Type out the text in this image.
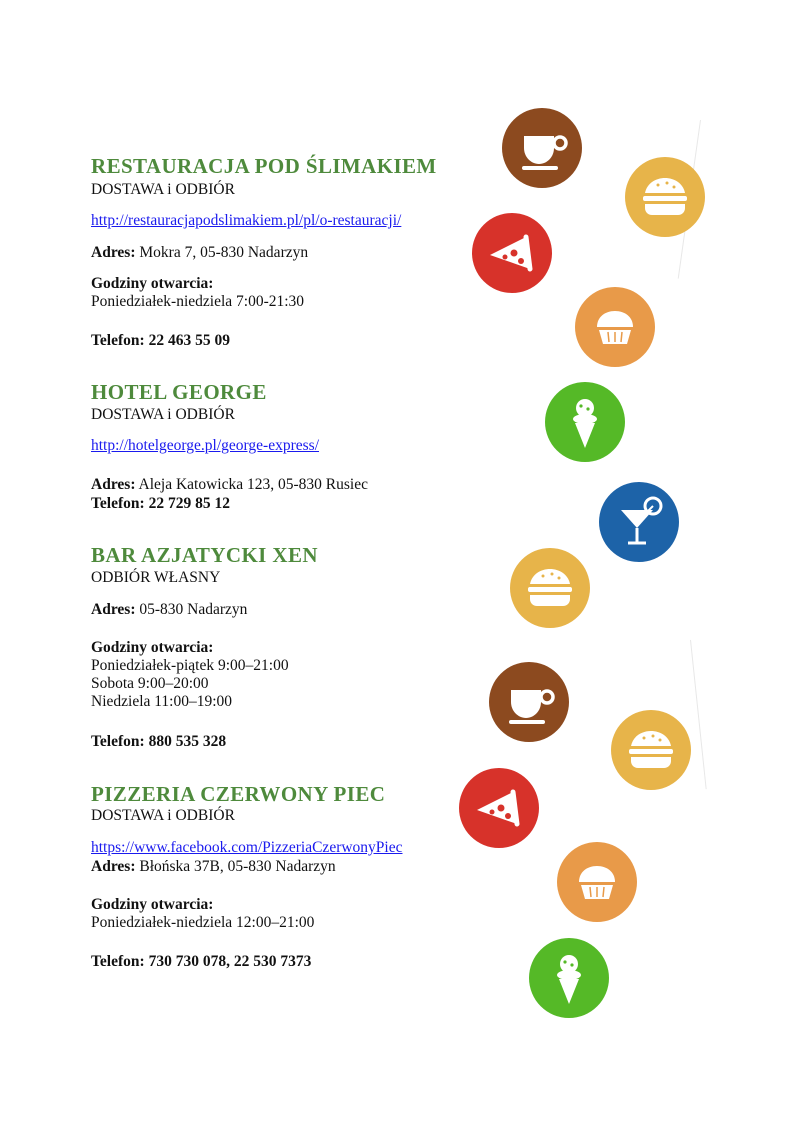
RESTAURACJA POD ŚLIMAKIEM
DOSTAWA i ODBIÓR
http://restauracjapodslimakiem.pl/pl/o-restauracji/
Adres: Mokra 7, 05-830 Nadarzyn
Godziny otwarcia:
Poniedziałek-niedziela 7:00-21:30
Telefon: 22 463 55 09
HOTEL GEORGE
DOSTAWA i ODBIÓR
http://hotelgeorge.pl/george-express/
Adres: Aleja Katowicka 123, 05-830 Rusiec
Telefon: 22 729 85 12
BAR AZJATYCKI XEN
ODBIÓR WŁASNY
Adres: 05-830 Nadarzyn
Godziny otwarcia:
Poniedziałek-piątek 9:00–21:00
Sobota 9:00–20:00
Niedziela 11:00–19:00
Telefon: 880 535 328
PIZZERIA CZERWONY PIEC
DOSTAWA i ODBIÓR
https://www.facebook.com/PizzeriaCzerwonyPiec
Adres: Błońska 37B, 05-830 Nadarzyn
Godziny otwarcia:
Poniedziałek-niedziela 12:00–21:00
Telefon: 730 730 078, 22 530 7373
